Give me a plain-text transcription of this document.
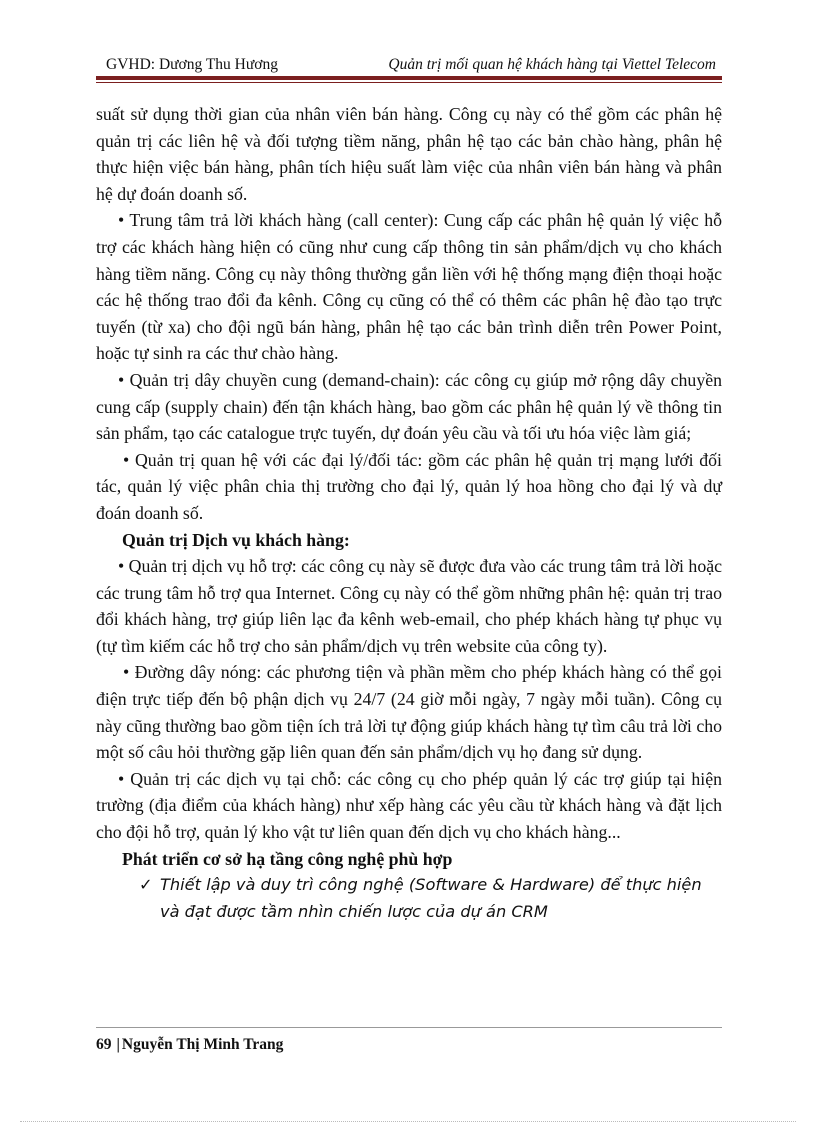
GVHD: Dương Thu Hương	Quản trị mối quan hệ khách hàng tại Viettel Telecom

suất sử dụng thời gian của nhân viên bán hàng. Công cụ này có thể gồm các phân hệ quản trị các liên hệ và đối tượng tiềm năng, phân hệ tạo các bản chào hàng, phân hệ thực hiện việc bán hàng, phân tích hiệu suất làm việc của nhân viên bán hàng và phân hệ dự đoán doanh số.

• Trung tâm trả lời khách hàng (call center): Cung cấp các phân hệ quản lý việc hỗ trợ các khách hàng hiện có cũng như cung cấp thông tin sản phẩm/dịch vụ cho khách hàng tiềm năng. Công cụ này thông thường gắn liền với hệ thống mạng điện thoại hoặc các hệ thống trao đổi đa kênh. Công cụ cũng có thể có thêm các phân hệ đào tạo trực tuyến (từ xa) cho đội ngũ bán hàng, phân hệ tạo các bản trình diễn trên Power Point, hoặc tự sinh ra các thư chào hàng.

• Quản trị dây chuyền cung (demand-chain): các công cụ giúp mở rộng dây chuyền cung cấp (supply chain) đến tận khách hàng, bao gồm các phân hệ quản lý về thông tin sản phẩm, tạo các catalogue trực tuyến, dự đoán yêu cầu và tối ưu hóa việc làm giá;

• Quản trị quan hệ với các đại lý/đối tác: gồm các phân hệ quản trị mạng lưới đối tác, quản lý việc phân chia thị trường cho đại lý, quản lý hoa hồng cho đại lý và dự đoán doanh số.

Quản trị Dịch vụ khách hàng:

• Quản trị dịch vụ hỗ trợ: các công cụ này sẽ được đưa vào các trung tâm trả lời hoặc các trung tâm hỗ trợ qua Internet. Công cụ này có thể gồm những phân hệ: quản trị trao đổi khách hàng, trợ giúp liên lạc đa kênh web-email, cho phép khách hàng tự phục vụ (tự tìm kiếm các hỗ trợ cho sản phẩm/dịch vụ trên website của công ty).

• Đường dây nóng: các phương tiện và phần mềm cho phép khách hàng có thể gọi điện trực tiếp đến bộ phận dịch vụ 24/7 (24 giờ mỗi ngày, 7 ngày mỗi tuần). Công cụ này cũng thường bao gồm tiện ích trả lời tự động giúp khách hàng tự tìm câu trả lời cho một số câu hỏi thường gặp liên quan đến sản phẩm/dịch vụ họ đang sử dụng.

• Quản trị các dịch vụ tại chỗ: các công cụ cho phép quản lý các trợ giúp tại hiện trường (địa điểm của khách hàng) như xếp hàng các yêu cầu từ khách hàng và đặt lịch cho đội hỗ trợ, quản lý kho vật tư liên quan đến dịch vụ cho khách hàng...

Phát triển cơ sở hạ tầng công nghệ phù hợp

✓ Thiết lập và duy trì công nghệ (Software & Hardware) để thực hiện và đạt được tầm nhìn chiến lược của dự án CRM
69 | Nguyễn Thị Minh Trang
